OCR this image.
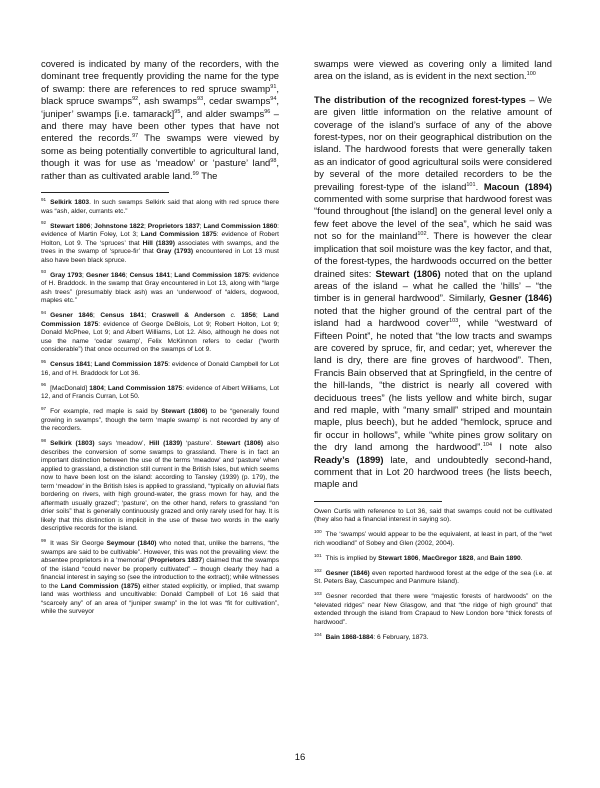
covered is indicated by many of the recorders, with the dominant tree frequently providing the name for the type of swamp: there are references to red spruce swamp$^{91}$, black spruce swamps$^{92}$, ash swamps$^{93}$, cedar swamps$^{94}$, ‘juniper’ swamps [i.e. tamarack]$^{95}$, and alder swamps$^{96}$ – and there may have been other types that have not entered the records.$^{97}$ The swamps were viewed by some as being potentially convertible to agricultural land, though it was for use as ‘meadow’ or ‘pasture’ land$^{98}$, rather than as cultivated arable land.$^{99}$ The

$^{91}$ Selkirk 1803. In such swamps Selkirk said that along with red spruce there was “ash, alder, currants etc.”

$^{92}$ Stewart 1806; Johnstone 1822; Proprietors 1837; Land Commission 1860: evidence of Martin Foley, Lot 3; Land Commission 1875: evidence of Robert Holton, Lot 9. The ‘spruces’ that Hill (1839) associates with swamps, and the trees in the swamp of ‘spruce-fir’ that Gray (1793) encountered in Lot 13 must also have been black spruce.

$^{93}$ Gray 1793; Gesner 1846; Census 1841; Land Commission 1875: evidence of H. Braddock. In the swamp that Gray encountered in Lot 13, along with “large ash trees” (presumably black ash) was an ‘underwood’ of “alders, dogwood, maples etc.”

$^{94}$ Gesner 1846; Census 1841; Craswell & Anderson c. 1856; Land Commission 1875: evidence of George DeBlois, Lot 9; Robert Holton, Lot 9; Donald McPhee, Lot 9; and Albert Williams, Lot 12. Also, although he does not use the name ‘cedar swamp’, Felix McKinnon refers to cedar (“worth considerable”) that once occurred on the swamps of Lot 9.

$^{95}$ Census 1841; Land Commission 1875: evidence of Donald Campbell for Lot 16, and of H. Braddock for Lot 36.

$^{96}$ [MacDonald] 1804; Land Commission 1875: evidence of Albert Williams, Lot 12, and of Francis Curran, Lot 50.

$^{97}$ For example, red maple is said by Stewart (1806) to be “generally found growing in swamps”, though the term ‘maple swamp’ is not recorded by any of the recorders.

$^{98}$ Selkirk (1803) says ‘meadow’, Hill (1839) ‘pasture’. Stewart (1806) also describes the conversion of some swamps to grassland. There is in fact an important distinction between the use of the terms ‘meadow’ and ‘pasture’ when applied to grassland, a distinction still current in the British Isles, but which seems now to have been lost on the island: according to Tansley (1939) (p. 179), the term ‘meadow’ in the British Isles is applied to grassland, “typically on alluvial flats bordering on rivers, with high ground-water, the grass mown for hay, and the aftermath usually grazed”; ‘pasture’, on the other hand, refers to grassland “on drier soils” that is generally continuously grazed and only rarely used for hay. It is likely that this distinction is implicit in the use of these two words in the early descriptive records for the island.

$^{99}$ It was Sir George Seymour (1840) who noted that, unlike the barrens, “the swamps are said to be cultivable”. However, this was not the prevailing view: the absentee proprietors in a ‘memorial’ (Proprietors 1837) claimed that the swamps of the island “could never be properly cultivated” – though clearly they had a financial interest in saying so (see the introduction to the extract); while witnesses to the Land Commission (1875) either stated explicitly, or implied, that swamp land was worthless and uncultivable: Donald Campbell of Lot 16 said that “scarcely any” of an area of “juniper swamp” in the lot was “fit for cultivation”, while the surveyor

swamps were viewed as covering only a limited land area on the island, as is evident in the next section.$^{100}$

The distribution of the recognized forest-types – We are given little information on the relative amount of coverage of the island’s surface of any of the above forest-types, nor on their geographical distribution on the island. The hardwood forests that were generally taken as an indicator of good agricultural soils were considered by several of the more detailed recorders to be the prevailing forest-type of the island$^{101}$. Macoun (1894) commented with some surprise that hardwood forest was “found throughout [the island] on the general level only a few feet above the level of the sea”, which he said was not so for the mainland$^{102}$. There is however the clear implication that soil moisture was the key factor, and that, of the forest-types, the hardwoods occurred on the better drained sites: Stewart (1806) noted that on the upland areas of the island – what he called the ‘hills’ – “the timber is in general hardwood”. Similarly, Gesner (1846) noted that the higher ground of the central part of the island had a hardwood cover$^{103}$, while “westward of Fifteen Point”, he noted that “the low tracts and swamps are covered by spruce, fir, and cedar; yet, wherever the land is dry, there are fine groves of hardwood”. Then, Francis Bain observed that at Springfield, in the centre of the hill-lands, “the district is nearly all covered with deciduous trees” (he lists yellow and white birch, sugar and red maple, with “many small” striped and mountain maple, plus beech), but he added “hemlock, spruce and fir occur in hollows”, while “white pines grow solitary on the dry land among the hardwood”.$^{104}$ I note also Ready’s (1899) late, and undoubtedly second-hand, comment that in Lot 20 hardwood trees (he lists beech, maple and

Owen Curtis with reference to Lot 36, said that swamps could not be cultivated (they also had a financial interest in saying so).

$^{100}$ The ‘swamps’ would appear to be the equivalent, at least in part, of the “wet rich woodland” of Sobey and Glen (2002, 2004).

$^{101}$ This is implied by Stewart 1806, MacGregor 1828, and Bain 1890.

$^{102}$ Gesner (1846) even reported hardwood forest at the edge of the sea (i.e. at St. Peters Bay, Cascumpec and Panmure Island).

$^{103}$ Gesner recorded that there were “majestic forests of hardwoods” on the “elevated ridges” near New Glasgow, and that “the ridge of high ground” that extended through the island from Crapaud to New London bore “thick forests of hardwood”.

$^{104}$ Bain 1868-1884: 6 February, 1873.

16
